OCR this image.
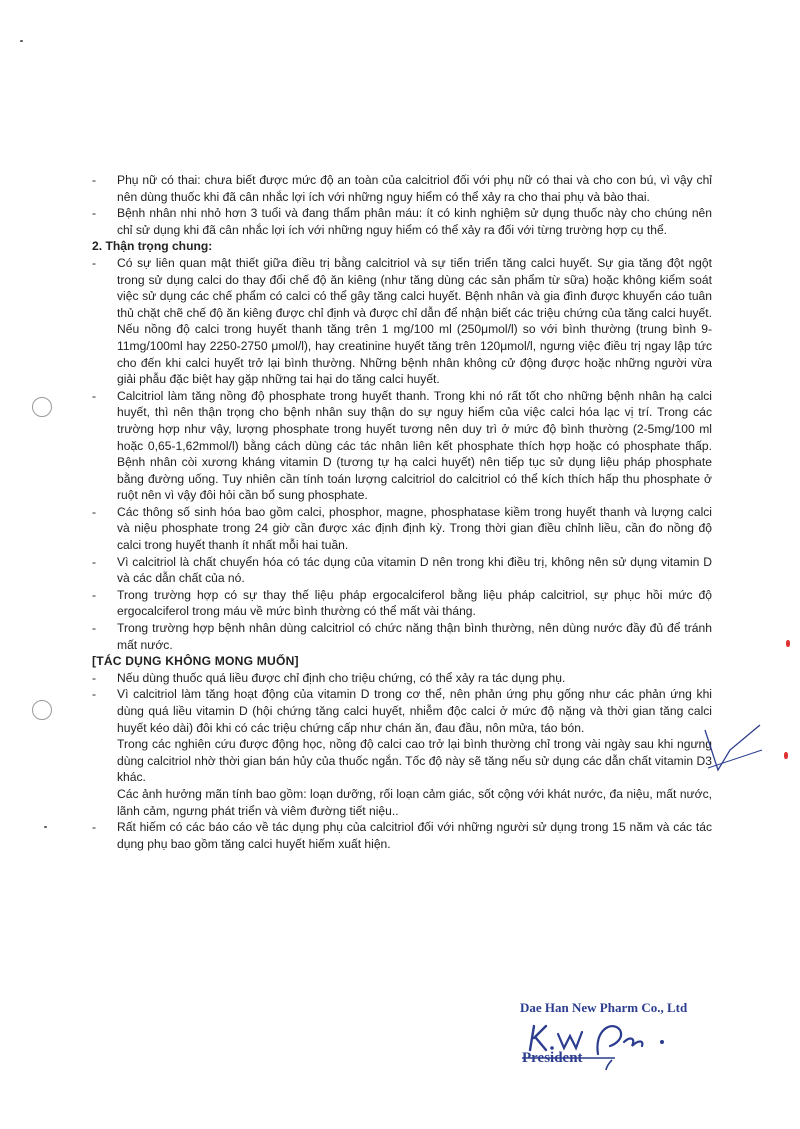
- Phụ nữ có thai: chưa biết được mức độ an toàn của calcitriol đối với phụ nữ có thai và cho con bú, vì vậy chỉ nên dùng thuốc khi đã cân nhắc lợi ích với những nguy hiểm có thể xảy ra cho thai phụ và bào thai.
- Bệnh nhân nhi nhỏ hơn 3 tuổi và đang thẩm phân máu: ít có kinh nghiệm sử dụng thuốc này cho chúng nên chỉ sử dụng khi đã cân nhắc lợi ích với những nguy hiểm có thể xảy ra đối với từng trường hợp cụ thể.
2. Thận trọng chung:
- Có sự liên quan mật thiết giữa điều trị bằng calcitriol và sự tiến triển tăng calci huyết. Sự gia tăng đột ngột trong sử dụng calci do thay đổi chế độ ăn kiêng (như tăng dùng các sản phẩm từ sữa) hoặc không kiểm soát việc sử dụng các chế phẩm có calci có thể gây tăng calci huyết. Bệnh nhân và gia đình được khuyến cáo tuân thủ chặt chẽ chế độ ăn kiêng được chỉ định và được chỉ dẫn để nhận biết các triệu chứng của tăng calci huyết. Nếu nồng độ calci trong huyết thanh tăng trên 1 mg/100 ml (250μmol/l) so với bình thường (trung bình 9-11mg/100ml hay 2250-2750 μmol/l), hay creatinine huyết tăng trên 120μmol/l, ngưng việc điều trị ngay lập tức cho đến khi calci huyết trở lại bình thường. Những bệnh nhân không cử động được hoặc những người vừa giải phẫu đặc biệt hay gặp những tai hại do tăng calci huyết.
- Calcitriol làm tăng nồng độ phosphate trong huyết thanh. Trong khi nó rất tốt cho những bệnh nhân hạ calci huyết, thì nên thận trọng cho bệnh nhân suy thận do sự nguy hiểm của việc calci hóa lạc vị trí. Trong các trường hợp như vậy, lượng phosphate trong huyết tương nên duy trì ở mức độ bình thường (2-5mg/100 ml hoặc 0,65-1,62mmol/l) bằng cách dùng các tác nhân liên kết phosphate thích hợp hoặc có phosphate thấp. Bệnh nhân còi xương kháng vitamin D (tương tự hạ calci huyết) nên tiếp tục sử dụng liệu pháp phosphate bằng đường uống. Tuy nhiên cần tính toán lượng calcitriol do calcitriol có thể kích thích hấp thu phosphate ở ruột nên vì vậy đôi hỏi cần bổ sung phosphate.
- Các thông số sinh hóa bao gồm calci, phosphor, magne, phosphatase kiềm trong huyết thanh và lượng calci và niệu phosphate trong 24 giờ cần được xác định định kỳ. Trong thời gian điều chỉnh liều, cần đo nồng độ calci trong huyết thanh ít nhất mỗi hai tuần.
- Vì calcitriol là chất chuyển hóa có tác dụng của vitamin D nên trong khi điều trị, không nên sử dụng vitamin D và các dẫn chất của nó.
- Trong trường hợp có sự thay thế liệu pháp ergocalciferol bằng liệu pháp calcitriol, sự phục hồi mức độ ergocalciferol trong máu về mức bình thường có thể mất vài tháng.
- Trong trường hợp bệnh nhân dùng calcitriol có chức năng thận bình thường, nên dùng nước đầy đủ để tránh mất nước.
[TÁC DỤNG KHÔNG MONG MUỐN]
- Nếu dùng thuốc quá liều được chỉ định cho triệu chứng, có thể xảy ra tác dụng phụ.
- Vì calcitriol làm tăng hoạt động của vitamin D trong cơ thể, nên phản ứng phụ gống như các phản ứng khi dùng quá liều vitamin D (hội chứng tăng calci huyết, nhiễm độc calci ở mức độ nặng và thời gian tăng calci huyết kéo dài) đôi khi có các triệu chứng cấp như chán ăn, đau đầu, nôn mửa, táo bón.
Trong các nghiên cứu được động học, nồng độ calci cao trở lại bình thường chỉ trong vài ngày sau khi ngưng dùng calcitriol nhờ thời gian bán hủy của thuốc ngắn. Tốc độ này sẽ tăng nếu sử dụng các dẫn chất vitamin D3 khác.
Các ảnh hưởng mãn tính bao gồm: loạn dưỡng, rối loạn cảm giác, sốt cộng với khát nước, đa niệu, mất nước, lãnh cảm, ngưng phát triển và viêm đường tiết niệu..
- Rất hiếm có các báo cáo về tác dụng phụ của calcitriol đối với những người sử dụng trong 15 năm và các tác dụng phụ bao gồm tăng calci huyết hiếm xuất hiện.
Dae Han New Pharm Co., Ltd
President
